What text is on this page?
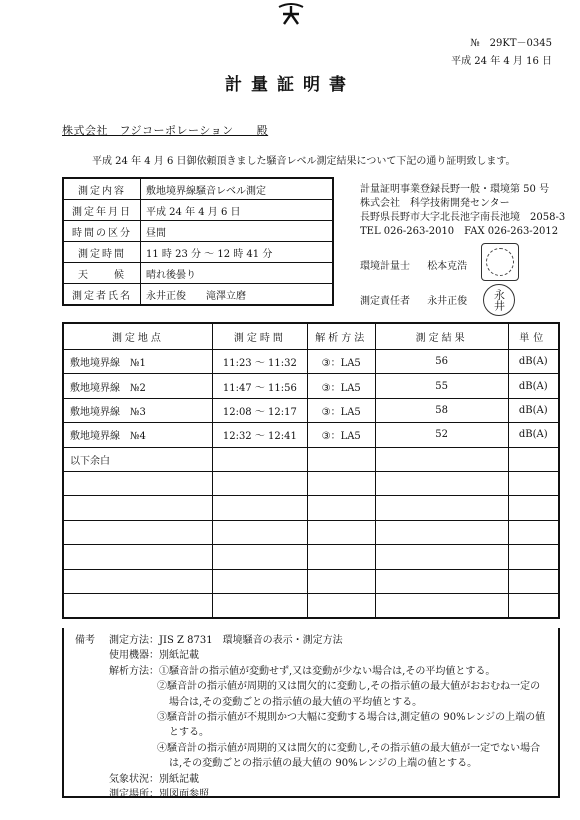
№　29KT－0345
平成 24 年 4 月 16 日
計量証明書
株式会社　フジコーポレーション　　殿
平成 24 年 4 月 6 日御依頼頂きました騒音レベル測定結果について下記の通り証明致します。
測定内容	敷地境界線騒音レベル測定
測定年月日	平成 24 年 4 月 6 日
時間の区分	昼間
測定時間	11 時 23 分 ～ 12 時 41 分
天　　候	晴れ後曇り
測定者氏名	永井正俊　　滝澤立磨
計量証明事業登録長野一般・環境第 50 号
株式会社　科学技術開発センター
長野県長野市大字北長池字南長池境　2058-3
TEL 026-263-2010　FAX 026-263-2012
環境計量士 松本克浩
測定責任者 永井正俊 永井
測定地点	測定時間	解析方法	測定結果	単位
敷地境界線　№1	11:23 ～ 11:32	③：LA5	56	dB(A)
敷地境界線　№2	11:47 ～ 11:56	③：LA5	55	dB(A)
敷地境界線　№3	12:08 ～ 12:17	③：LA5	58	dB(A)
敷地境界線　№4	12:32 ～ 12:41	③：LA5	52	dB(A)
以下余白				

備考 測定方法：JIS Z 8731　環境騒音の表示・測定方法
使用機器：別紙記載
解析方法：①騒音計の指示値が変動せず,又は変動が少ない場合は,その平均値とする。
②騒音計の指示値が周期的又は間欠的に変動し,その指示値の最大値がおおむね一定の
場合は,その変動ごとの指示値の最大値の平均値とする。
③騒音計の指示値が不規則かつ大幅に変動する場合は,測定値の 90%レンジの上端の値
とする。
④騒音計の指示値が周期的又は間欠的に変動し,その指示値の最大値が一定でない場合
は,その変動ごとの指示値の最大値の 90%レンジの上端の値とする。
気象状況：別紙記載
測定場所：別図面参照
